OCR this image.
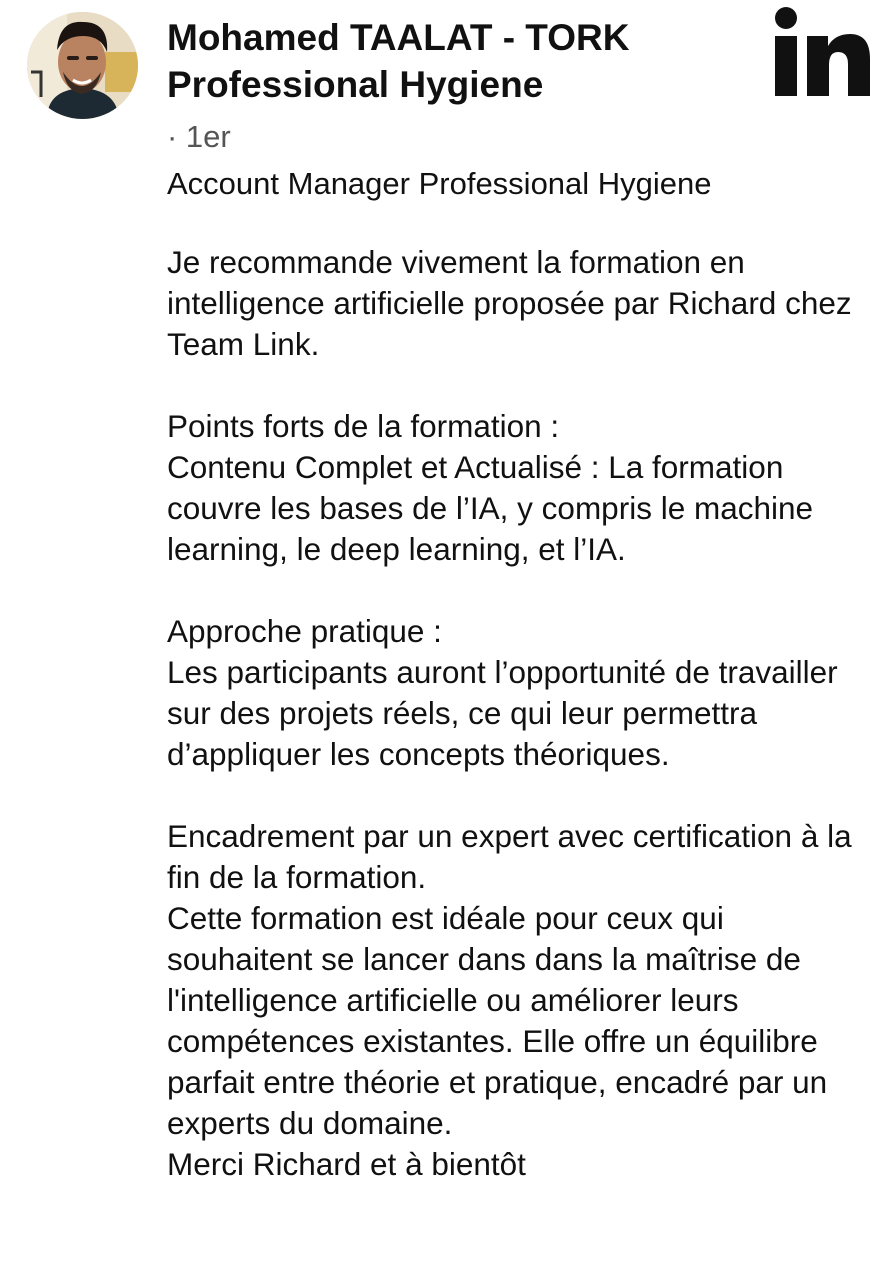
Mohamed TAALAT - TORK Professional Hygiene
· 1er
Account Manager Professional Hygiene

Je recommande vivement la formation en intelligence artificielle proposée par Richard chez Team Link.

Points forts de la formation :

Contenu Complet et Actualisé : La formation couvre les bases de l’IA, y compris le machine learning, le deep learning, et l’IA.

Approche pratique :

Les participants auront l’opportunité de travailler sur des projets réels, ce qui leur permettra d’appliquer les concepts théoriques.

Encadrement par un expert avec certification à la fin de la formation.

Cette formation est idéale pour ceux qui souhaitent se lancer dans dans la maîtrise de l'intelligence artificielle ou améliorer leurs compétences existantes. Elle offre un équilibre parfait entre théorie et pratique, encadré par un experts du domaine.

Merci Richard et à bientôt
